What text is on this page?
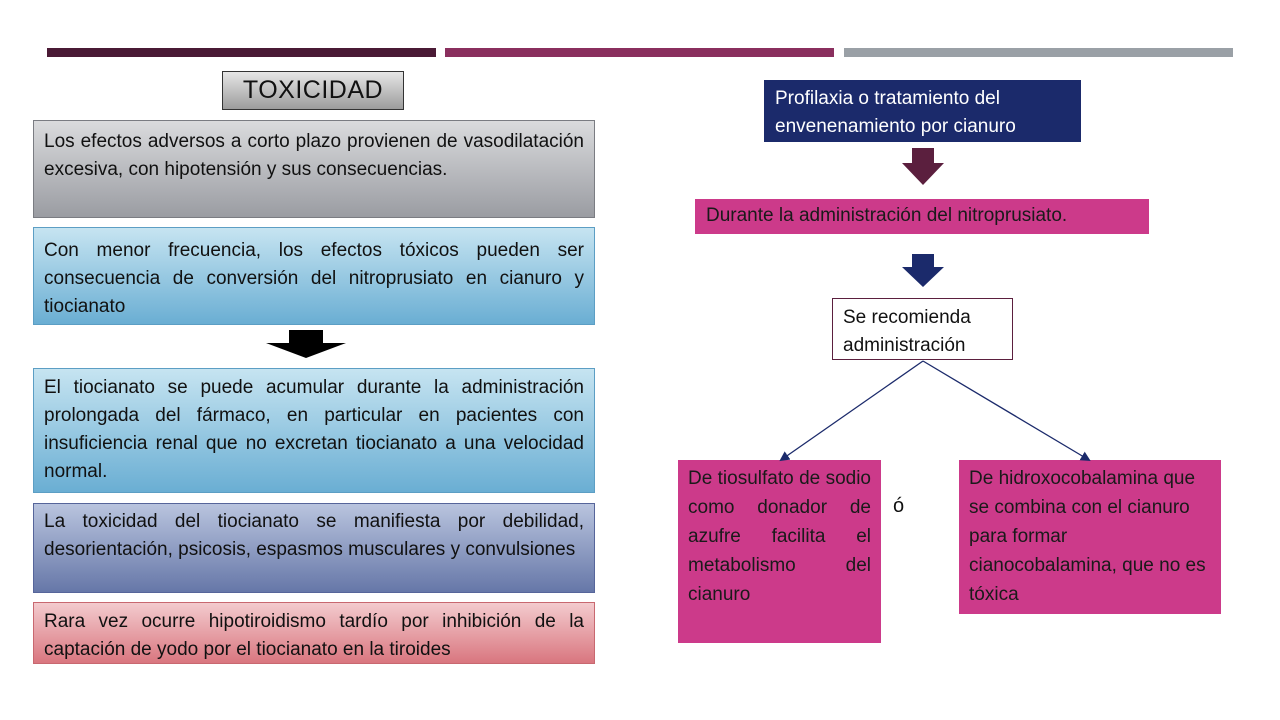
TOXICIDAD
Los efectos adversos a corto plazo provienen de vasodilatación excesiva, con hipotensión y sus consecuencias.
Con menor frecuencia, los efectos tóxicos pueden ser consecuencia de conversión del nitroprusiato en cianuro y tiocianato
El tiocianato se puede acumular durante la administración prolongada del fármaco, en particular en pacientes con insuficiencia renal que no excretan tiocianato a una velocidad normal.
La toxicidad del tiocianato se manifiesta por debilidad, desorientación, psicosis, espasmos musculares y convulsiones
Rara vez ocurre hipotiroidismo tardío por inhibición de la captación de yodo por el tiocianato en la tiroides
Profilaxia o tratamiento del envenenamiento por cianuro
Durante la administración del nitroprusiato.
Se recomienda administración
De tiosulfato de sodio como donador de azufre facilita el metabolismo del cianuro
De hidroxocobalamina que se combina con el cianuro para formar cianocobalamina, que no es tóxica
ó
